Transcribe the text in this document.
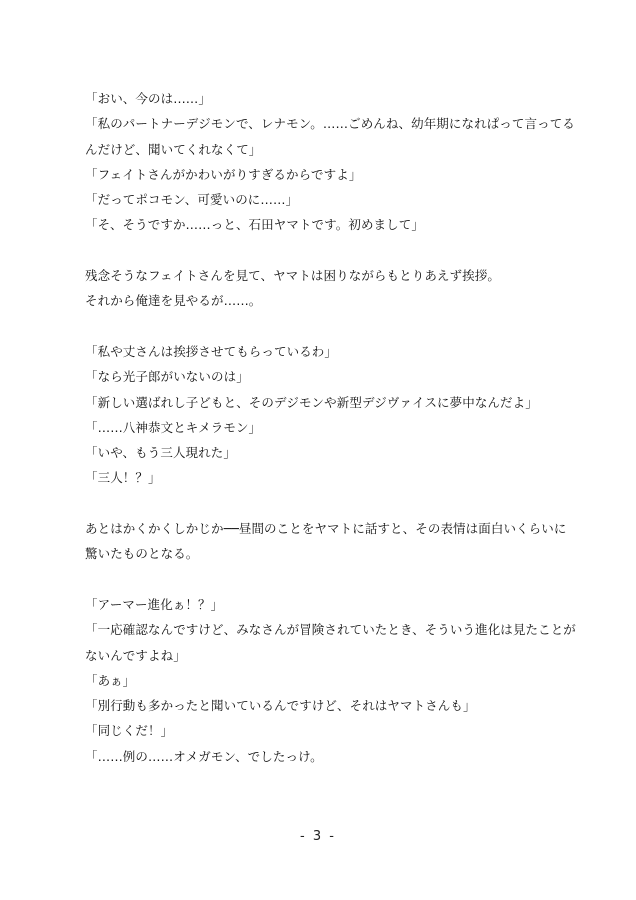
「おい、今のは……」
「私のパートナーデジモンで、レナモン。……ごめんね、幼年期になれぱって言ってる
んだけど、聞いてくれなくて」
「フェイトさんがかわいがりすぎるからですよ」
「だってポコモン、可愛いのに……」
「そ、そうですか……っと、石田ヤマトです。初めまして」
残念そうなフェイトさんを見て、ヤマトは困りながらもとりあえず挨拶。
それから俺達を見やるが……。
「私や丈さんは挨拶させてもらっているわ」
「なら光子郎がいないのは」
「新しい選ばれし子どもと、そのデジモンや新型デジヴァイスに夢中なんだよ」
「……八神恭文とキメラモン」
「いや、もう三人現れた」
「三人！？」
あとはかくかくしかじか──昼間のことをヤマトに話すと、その表情は面白いくらいに
驚いたものとなる。
「アーマー進化ぁ！？」
「一応確認なんですけど、みなさんが冒険されていたとき、そういう進化は見たことが
ないんですよね」
「あぁ」
「別行動も多かったと聞いているんですけど、それはヤマトさんも」
「同じくだ！」
「……例の……オメガモン、でしたっけ。
- 3 -
